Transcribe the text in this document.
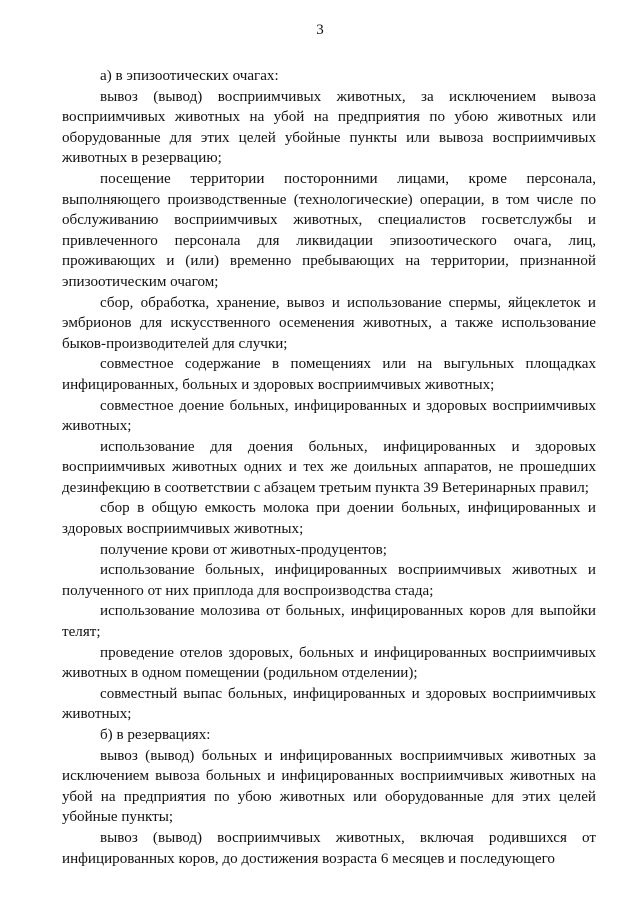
3

а) в эпизоотических очагах:

вывоз (вывод) восприимчивых животных, за исключением вывоза восприимчивых животных на убой на предприятия по убою животных или оборудованные для этих целей убойные пункты или вывоза восприимчивых животных в резервацию;

посещение территории посторонними лицами, кроме персонала, выполняющего производственные (технологические) операции, в том числе по обслуживанию восприимчивых животных, специалистов госветслужбы и привлеченного персонала для ликвидации эпизоотического очага, лиц, проживающих и (или) временно пребывающих на территории, признанной эпизоотическим очагом;

сбор, обработка, хранение, вывоз и использование спермы, яйцеклеток и эмбрионов для искусственного осеменения животных, а также использование быков-производителей для случки;

совместное содержание в помещениях или на выгульных площадках инфицированных, больных и здоровых восприимчивых животных;

совместное доение больных, инфицированных и здоровых восприимчивых животных;

использование для доения больных, инфицированных и здоровых восприимчивых животных одних и тех же доильных аппаратов, не прошедших дезинфекцию в соответствии с абзацем третьим пункта 39 Ветеринарных правил;

сбор в общую емкость молока при доении больных, инфицированных и здоровых восприимчивых животных;

получение крови от животных-продуцентов;

использование больных, инфицированных восприимчивых животных и полученного от них приплода для воспроизводства стада;

использование молозива от больных, инфицированных коров для выпойки телят;

проведение отелов здоровых, больных и инфицированных восприимчивых животных в одном помещении (родильном отделении);

совместный выпас больных, инфицированных и здоровых восприимчивых животных;

б) в резервациях:

вывоз (вывод) больных и инфицированных восприимчивых животных за исключением вывоза больных и инфицированных восприимчивых животных на убой на предприятия по убою животных или оборудованные для этих целей убойные пункты;

вывоз (вывод) восприимчивых животных, включая родившихся от инфицированных коров, до достижения возраста 6 месяцев и последующего
